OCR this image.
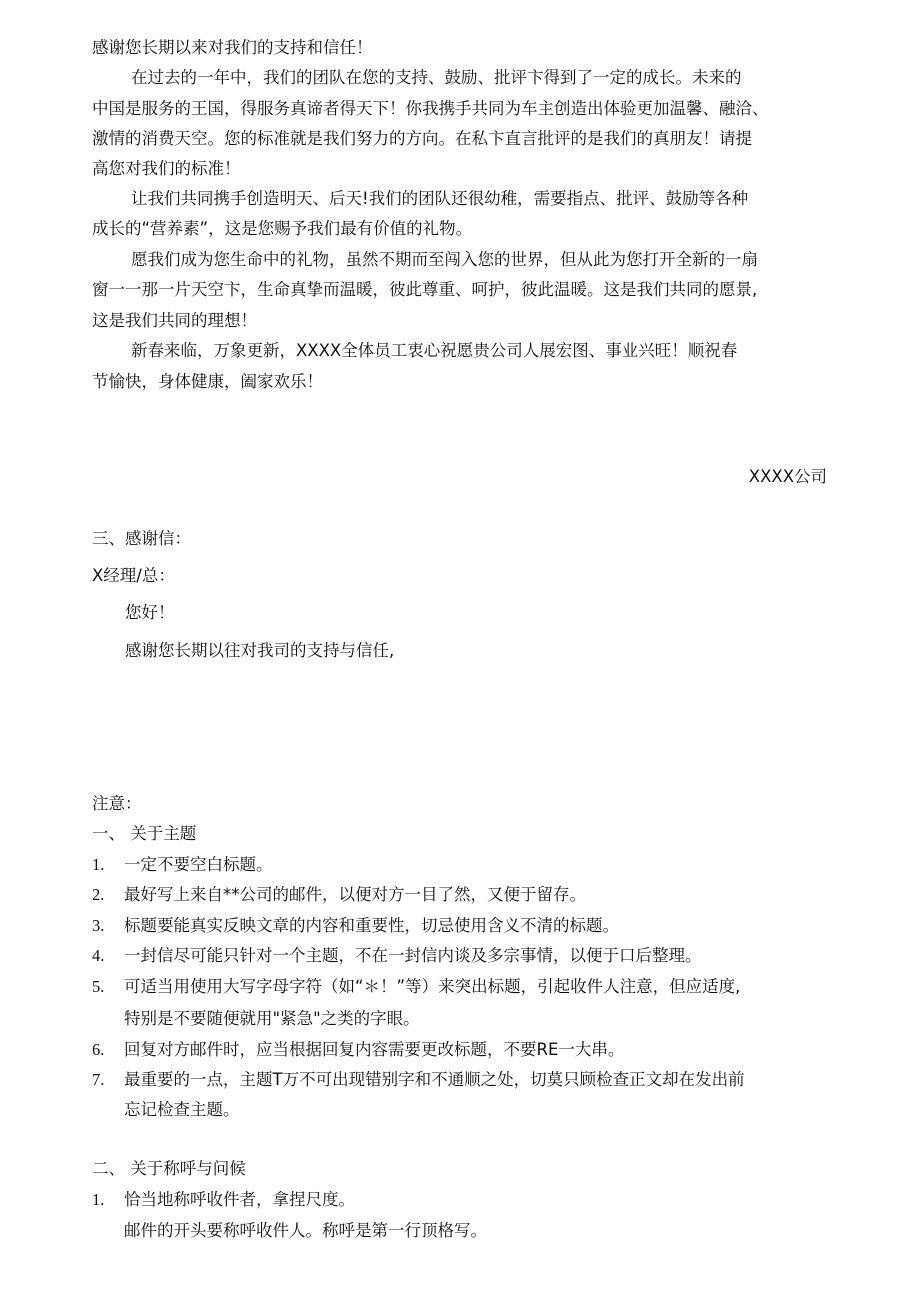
感谢您长期以来对我们的支持和信任！
在过去的一年中，我们的团队在您的支持、鼓励、批评卞得到了一定的成长。未来的
中国是服务的王国，得服务真谛者得天下！你我携手共同为车主创造出体验更加温馨、融洽、
激情的消费天空。您的标准就是我们努力的方向。在私卞直言批评的是我们的真朋友！请提
高您对我们的标准！
让我们共同携手创造明天、后天!我们的团队还很幼稚，需要指点、批评、鼓励等各种
成长的“营养素”，这是您赐予我们最有价值的礼物。
愿我们成为您生命中的礼物，虽然不期而至闯入您的世界，但从此为您打开全新的一扇
窗一一那一片天空卞，生命真挚而温暖，彼此尊重、呵护，彼此温暖。这是我们共同的愿景,
这是我们共同的理想！
新春来临，万象更新，XXXX全体员工衷心祝愿贵公司人展宏图、事业兴旺！顺祝春
节愉快，身体健康，阖家欢乐！
XXXX公司
三、感谢信：
X经理/总：
您好！
感谢您长期以往对我司的支持与信任,
注意：
一、 关于主题
1. 一定不要空白标题。
2. 最好写上来自**公司的邮件，以便对方一目了然，又便于留存。
3. 标题要能真实反映文章的内容和重要性，切忌使用含义不清的标题。
4. 一封信尽可能只针对一个主题，不在一封信内谈及多宗事情，以便于口后整理。
5. 可适当用使用大写字母字符（如“＊！”等）来突出标题，引起收件人注意，但应适度,
特别是不要随便就用"紧急"之类的字眼。
6. 回复对方邮件时，应当根据回复内容需要更改标题，不要RE一大串。
7. 最重要的一点，主题T万不可出现错别字和不通顺之处，切莫只顾检查正文却在发出前
忘记检查主题。
二、 关于称呼与问候
1. 恰当地称呼收件者，拿捏尺度。
邮件的开头要称呼收件人。称呼是第一行顶格写。
